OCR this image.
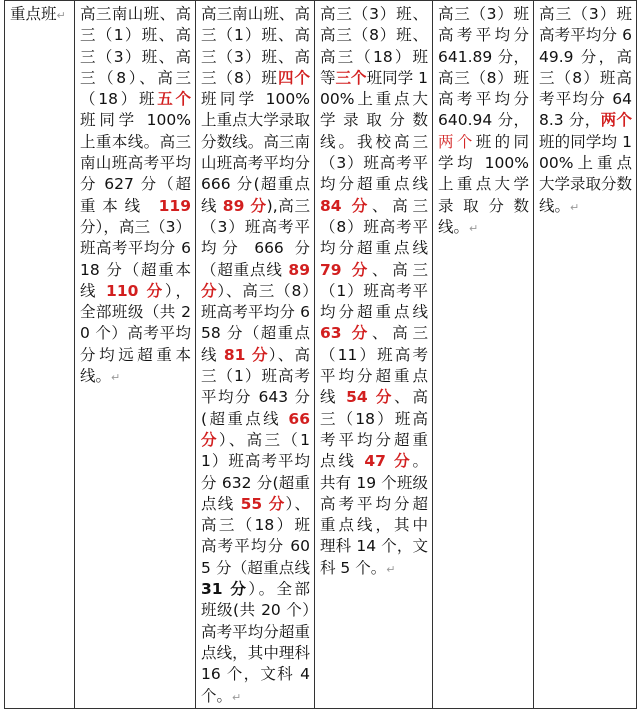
重点班↵	高三南山班、高三（1）班、高三（3）班、高三（8）、高三（18）班五个班同学 100%上重本线。高三南山班高考平均分 627 分（超重本线 119 分），高三（3）班高考平均分 618 分（超重本线 110 分），全部班级（共 20 个）高考平均分均远超重本线。↵	高三南山班、高三（1）班、高三（3）班、高三（8）班四个班同学 100%上重点大学录取分数线。高三南山班高考平均分 666 分(超重点线 89 分),高三（3）班高考平均分 666 分（超重点线 89 分）、高三（8）班高考平均分 658 分（超重点线 81 分）、高三（1）班高考平均分 643 分(超重点线 66 分）、高三（11）班高考平均分 632 分(超重点线 55 分）、高三（18）班高考平均分 605 分（超重点线 31 分）。全部班级(共 20 个）高考平均分超重点线，其中理科 16 个，文科 4 个。↵	高三（3）班、高三（8）班、高三（18）班等三个班同学 100%上重点大学录取分数线。我校高三（3）班高考平均分超重点线 84 分、高三（8）班高考平均分超重点线 79 分、高三（1）班高考平均分超重点线 63 分、高三（11）班高考平均分超重点线 54 分、高三（18）班高考平均分超重点线 47 分。共有 19 个班级高考平均分超重点线，其中理科 14 个，文科 5 个。↵	高三（3）班高考平均分 641.89 分，高三（8）班高考平均分 640.94 分，两个班的同学均 100%上重点大学录取分数线。↵	高三（3）班高考平均分 649.9 分，高三（8）班高考平均分 648.3 分，两个班的同学均 100%上重点大学录取分数线。↵
